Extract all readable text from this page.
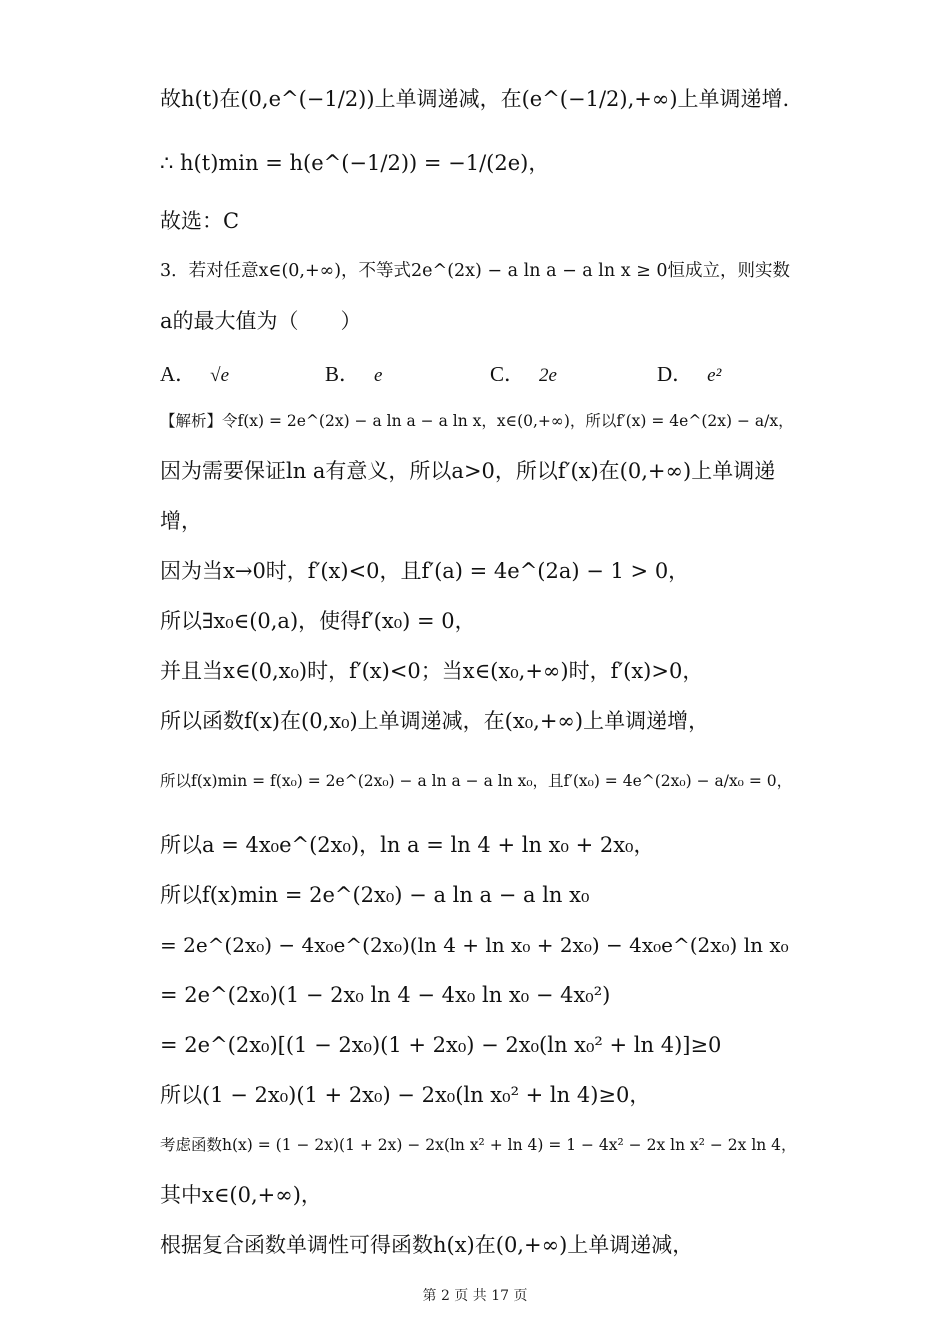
故h(t)在(0,e^(−1/2))上单调递减，在(e^(−1/2),+∞)上单调递增.
∴ h(t)min = h(e^(−1/2)) = −1/(2e)，
故选：C
3．若对任意x∈(0,+∞)，不等式2e^(2x) − a ln a − a ln x ≥ 0恒成立，则实数
a的最大值为（　　）
A． √e	B． e	C． 2e	D． e²
【解析】令f(x) = 2e^(2x) − a ln a − a ln x，x∈(0,+∞)，所以f′(x) = 4e^(2x) − a/x，
因为需要保证ln a有意义，所以a>0，所以f′(x)在(0,+∞)上单调递
增，
因为当x→0时，f′(x)<0，且f′(a) = 4e^(2a) − 1 > 0，
所以∃x₀∈(0,a)，使得f′(x₀) = 0，
并且当x∈(0,x₀)时，f′(x)<0；当x∈(x₀,+∞)时，f′(x)>0，
所以函数f(x)在(0,x₀)上单调递减，在(x₀,+∞)上单调递增，
所以f(x)min = f(x₀) = 2e^(2x₀) − a ln a − a ln x₀，且f′(x₀) = 4e^(2x₀) − a/x₀ = 0，
所以a = 4x₀e^(2x₀)，ln a = ln 4 + ln x₀ + 2x₀，
所以f(x)min = 2e^(2x₀) − a ln a − a ln x₀
= 2e^(2x₀) − 4x₀e^(2x₀)(ln 4 + ln x₀ + 2x₀) − 4x₀e^(2x₀) ln x₀
= 2e^(2x₀)(1 − 2x₀ ln 4 − 4x₀ ln x₀ − 4x₀²)
= 2e^(2x₀)[(1 − 2x₀)(1 + 2x₀) − 2x₀(ln x₀² + ln 4)]≥0
所以(1 − 2x₀)(1 + 2x₀) − 2x₀(ln x₀² + ln 4)≥0，
考虑函数h(x) = (1 − 2x)(1 + 2x) − 2x(ln x² + ln 4) = 1 − 4x² − 2x ln x² − 2x ln 4，
其中x∈(0,+∞)，
根据复合函数单调性可得函数h(x)在(0,+∞)上单调递减，
第 2 页 共 17 页
